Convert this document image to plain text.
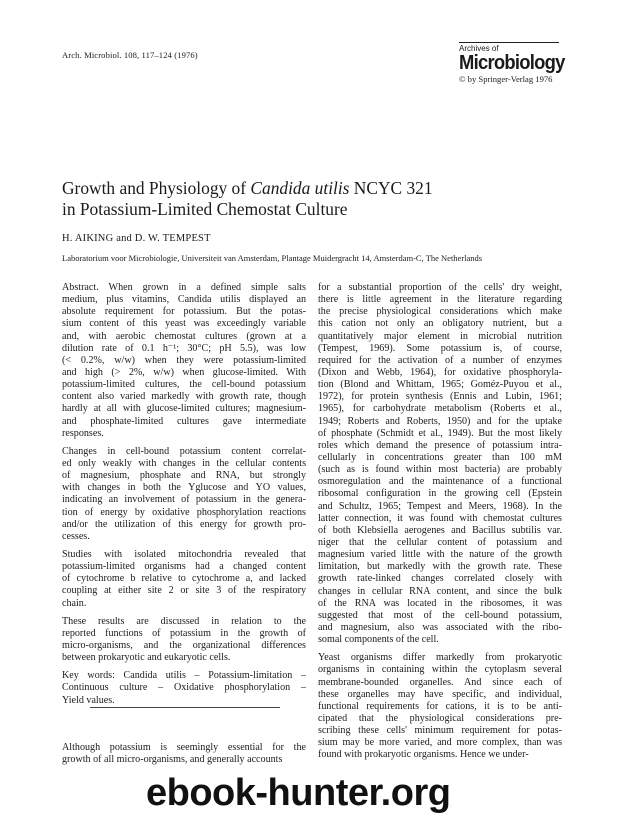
Arch. Microbiol. 108, 117–124 (1976)
Archives of
Microbiology
© by Springer-Verlag 1976
Growth and Physiology of Candida utilis NCYC 321
in Potassium-Limited Chemostat Culture
H. AIKING and D. W. TEMPEST
Laboratorium voor Microbiologie, Universiteit van Amsterdam, Plantage Muidergracht 14, Amsterdam-C, The Netherlands
Abstract. When grown in a defined simple salts
medium, plus vitamins, Candida utilis displayed an
absolute requirement for potassium. But the potas-
sium content of this yeast was exceedingly variable
and, with aerobic chemostat cultures (grown at a
dilution rate of 0.1 h⁻¹; 30°C; pH 5.5), was low
(< 0.2%, w/w) when they were potassium-limited
and high (> 2%, w/w) when glucose-limited. With
potassium-limited cultures, the cell-bound potassium
content also varied markedly with growth rate, though
hardly at all with glucose-limited cultures; magnesium-
and phosphate-limited cultures gave intermediate
responses.
Changes in cell-bound potassium content correlat-
ed only weakly with changes in the cellular contents
of magnesium, phosphate and RNA, but strongly
with changes in both the Yglucose and YO values,
indicating an involvement of potassium in the genera-
tion of energy by oxidative phosphorylation reactions
and/or the utilization of this energy for growth pro-
cesses.
Studies with isolated mitochondria revealed that
potassium-limited organisms had a changed content
of cytochrome b relative to cytochrome a, and lacked
coupling at either site 2 or site 3 of the respiratory
chain.
These results are discussed in relation to the
reported functions of potassium in the growth of
micro-organisms, and the organizational differences
between prokaryotic and eukaryotic cells.
Key words: Candida utilis – Potassium-limitation –
Continuous culture – Oxidative phosphorylation –
Yield values.
Although potassium is seemingly essential for the
growth of all micro-organisms, and generally accounts
for a substantial proportion of the cells' dry weight,
there is little agreement in the literature regarding
the precise physiological considerations which make
this cation not only an obligatory nutrient, but a
quantitatively major element in microbial nutrition
(Tempest, 1969). Some potassium is, of course,
required for the activation of a number of enzymes
(Dixon and Webb, 1964), for oxidative phosphoryla-
tion (Blond and Whittam, 1965; Goméz-Puyou et al.,
1972), for protein synthesis (Ennis and Lubin, 1961;
1965), for carbohydrate metabolism (Roberts et al.,
1949; Roberts and Roberts, 1950) and for the uptake
of phosphate (Schmidt et al., 1949). But the most likely
roles which demand the presence of potassium intra-
cellularly in concentrations greater than 100 mM
(such as is found within most bacteria) are probably
osmoregulation and the maintenance of a functional
ribosomal configuration in the growing cell (Epstein
and Schultz, 1965; Tempest and Meers, 1968). In the
latter connection, it was found with chemostat cultures
of both Klebsiella aerogenes and Bacillus subtilis var.
niger that the cellular content of potassium and
magnesium varied little with the nature of the growth
limitation, but markedly with the growth rate. These
growth rate-linked changes correlated closely with
changes in cellular RNA content, and since the bulk
of the RNA was located in the ribosomes, it was
suggested that most of the cell-bound potassium,
and magnesium, also was associated with the ribo-
somal components of the cell.
Yeast organisms differ markedly from prokaryotic
organisms in containing within the cytoplasm several
membrane-bounded organelles. And since each of
these organelles may have specific, and individual,
functional requirements for cations, it is to be anti-
cipated that the physiological considerations pre-
scribing these cells' minimum requirement for potas-
sium may be more varied, and more complex, than was
found with prokaryotic organisms. Hence we under-
ebook-hunter.org
